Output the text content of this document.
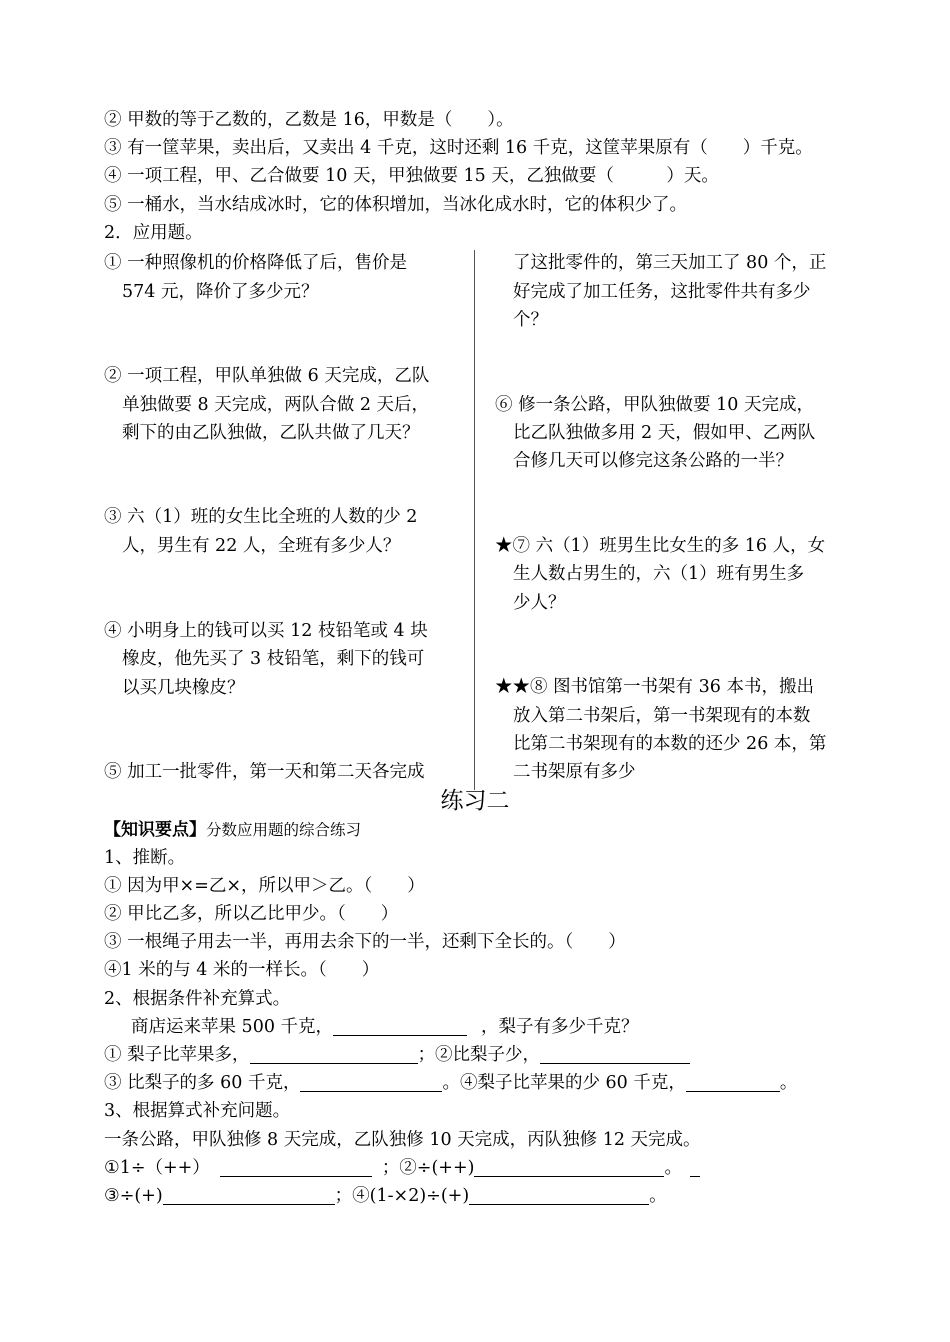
② 甲数的等于乙数的，乙数是 16，甲数是（　　）。
③ 有一筐苹果，卖出后，又卖出 4 千克，这时还剩 16 千克，这筐苹果原有（　　）千克。
④ 一项工程，甲、乙合做要 10 天，甲独做要 15 天，乙独做要（　　　）天。
⑤ 一桶水，当水结成冰时，它的体积增加，当冰化成水时，它的体积少了。
2．应用题。
① 一种照像机的价格降低了后，售价是
574 元，降价了多少元？
② 一项工程，甲队单独做 6 天完成，乙队
单独做要 8 天完成，两队合做 2 天后，
剩下的由乙队独做，乙队共做了几天？
③ 六（1）班的女生比全班的人数的少 2
人，男生有 22 人，全班有多少人？
④ 小明身上的钱可以买 12 枝铅笔或 4 块
橡皮，他先买了 3 枝铅笔，剩下的钱可
以买几块橡皮？
⑤ 加工一批零件，第一天和第二天各完成
了这批零件的，第三天加工了 80 个，正
好完成了加工任务，这批零件共有多少
个？
⑥ 修一条公路，甲队独做要 10 天完成，
比乙队独做多用 2 天，假如甲、乙两队
合修几天可以修完这条公路的一半？
★⑦ 六（1）班男生比女生的多 16 人，女
生人数占男生的，六（1）班有男生多
少人？
★★⑧ 图书馆第一书架有 36 本书，搬出
放入第二书架后，第一书架现有的本数
比第二书架现有的本数的还少 26 本，第
二书架原有多少
练习二
【知识要点】分数应用题的综合练习
1、推断。
① 因为甲×=乙×，所以甲＞乙。（　　）
② 甲比乙多，所以乙比甲少。（　　）
③ 一根绳子用去一半，再用去余下的一半，还剩下全长的。（　　）
④1 米的与 4 米的一样长。（　　）
2、根据条件补充算式。
商店运来苹果 500 千克，	，梨子有多少千克？
① 梨子比苹果多，	；②比梨子少，
③ 比梨子的多 60 千克，	。④梨子比苹果的少 60 千克，	。
3、根据算式补充问题。
一条公路，甲队独修 8 天完成，乙队独修 10 天完成，丙队独修 12 天完成。
①1÷（++）	；②÷(++)	。
③÷(+)	；④(1-×2)÷(+)	。
